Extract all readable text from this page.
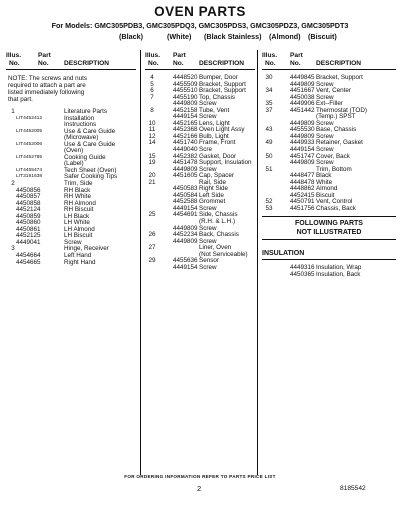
OVEN PARTS
For Models: GMC305PDB3, GMC305PDQ3, GMC305PDS3, GMC305PDZ3, GMC305PDT3
(Black)	(White) (Black Stainless) (Almond) (Biscuit)
Illus.
No.
Part
No. DESCRIPTION
NOTE: The screws and nuts
required to attach a part are
listed immediately following
that part.
1	Literature Parts
LIT4452412	Installation
Instructions
LIT4452005	Use & Care Guide
(Microwave)
LIT4452006	Use & Care Guide
(Oven)
LIT4452785	Cooking Guide
(Label)
LIT4455474	Tech Sheet (Oven)
LIT3191638	Safer Cooking Tips
2	Trim, Side
4450856	RH Black
4450857	RH White
4450858	RH Almond
4452124	RH Biscuit
4450859	LH Black
4450860	LH White
4450861	LH Almond
4452125	LH Biscuit
4449041	Screw
3	Hinge, Receiver
4454664	Left Hand
4454665	Right Hand
Illus.
No.
Part
No. DESCRIPTION
4	4448520 Bumper, Door
5	4455509 Bracket, Support
6	4455510 Bracket, Support
7	4455190 Top, Chassis
4449809 Screw
8	4452158 Tube, Vent
4449154 Screw
10	4452165 Lens, Light
11	4452368 Oven Light Assy
12	4452166 Bulb, Light
14	4451740 Frame, Front
4449040 Scre
15	4452382 Gasket, Door
19	4451478 Support, Insulation
4449809 Screw
20	4451605 Cap, Spacer
21	Rail, Side
4450583 Right Side
4450584 Left Side
4452588 Grommet
4449154 Screw
25	4454691 Side, Chassis
(R.H. & L.H.)
4449809 Screw
26	4452234 Back, Chassis
4449809 Screw
27	Liner, Oven
(Not Serviceable)
29	4455636 Sensor
4449154 Screw
Illus.
No.
Part
No. DESCRIPTION
30	4449845 Bracket, Support
4449809 Screw
34	4451667 Vent, Center
4450038 Screw
35	4449906 Ext--Filler
37	4451442 Thermostat (TOD)
(Temp.) SPST
4449809 Screw
43	4455530 Base, Chassis
4449809 Screw
49	4449933 Retainer, Gasket
4449154 Screw
50	4451747 Cover, Back
4449809 Screw
51	Trim, Bottom
4448477 Black
4448478 White
4448862 Almond
4452415 Biscuit
52	4450791 Vent, Control
53	4451756 Chassis, Back
FOLLOWING PARTS
NOT ILLUSTRATED
INSULATION
4449316 Insulation, Wrap
4450365 Insulation, Back
FOR ORDERING INFORMATION REFER TO PARTS PRICE LIST
2	8185542
